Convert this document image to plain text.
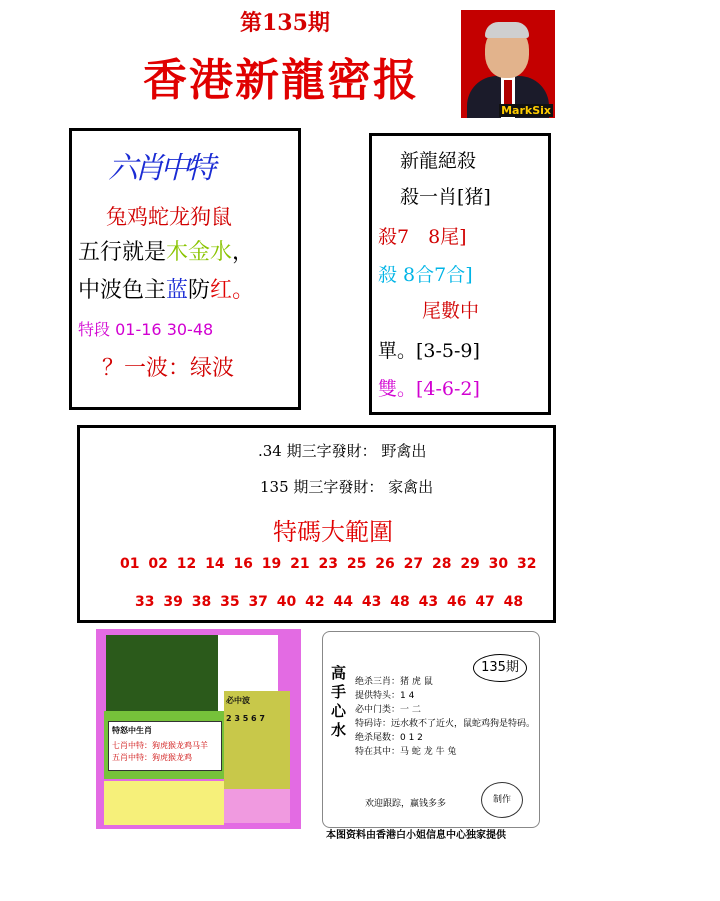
第135期
香港新龍密报
MarkSix
六肖中特
兔鸡蛇龙狗鼠
五行就是木金水，
中波色主蓝防红。
特段 01-16 30-48
？一波：绿波
新龍絕殺
殺一肖[猪]
殺7　8尾]
殺 8合7合]
尾數中
單。[3-5-9]
雙。[4-6-2]
.34 期三字發財： 野禽出
135 期三字發財： 家禽出
特碼大範圍
01 02 12 14 16 19 21 23 25 26 27 28 29 30 32
33 39 38 35 37 40 42 44 43 48 43 46 47 48
特怒中生肖
七肖中特：狗虎猴龙鸡马羊
五肖中特：狗虎猴龙鸡
必中波
2 3 5 6 7
高手心水
135期
绝杀三肖：猪 虎 鼠
提供特头：1 4
必中门类：一 二
特码诗：远水救不了近火，鼠蛇鸡狗是特码。
绝杀尾数：0 1 2
特在其中：马 蛇 龙 牛 兔
欢迎跟踪，赢钱多多	制作
本图资料由香港白小姐信息中心独家提供
